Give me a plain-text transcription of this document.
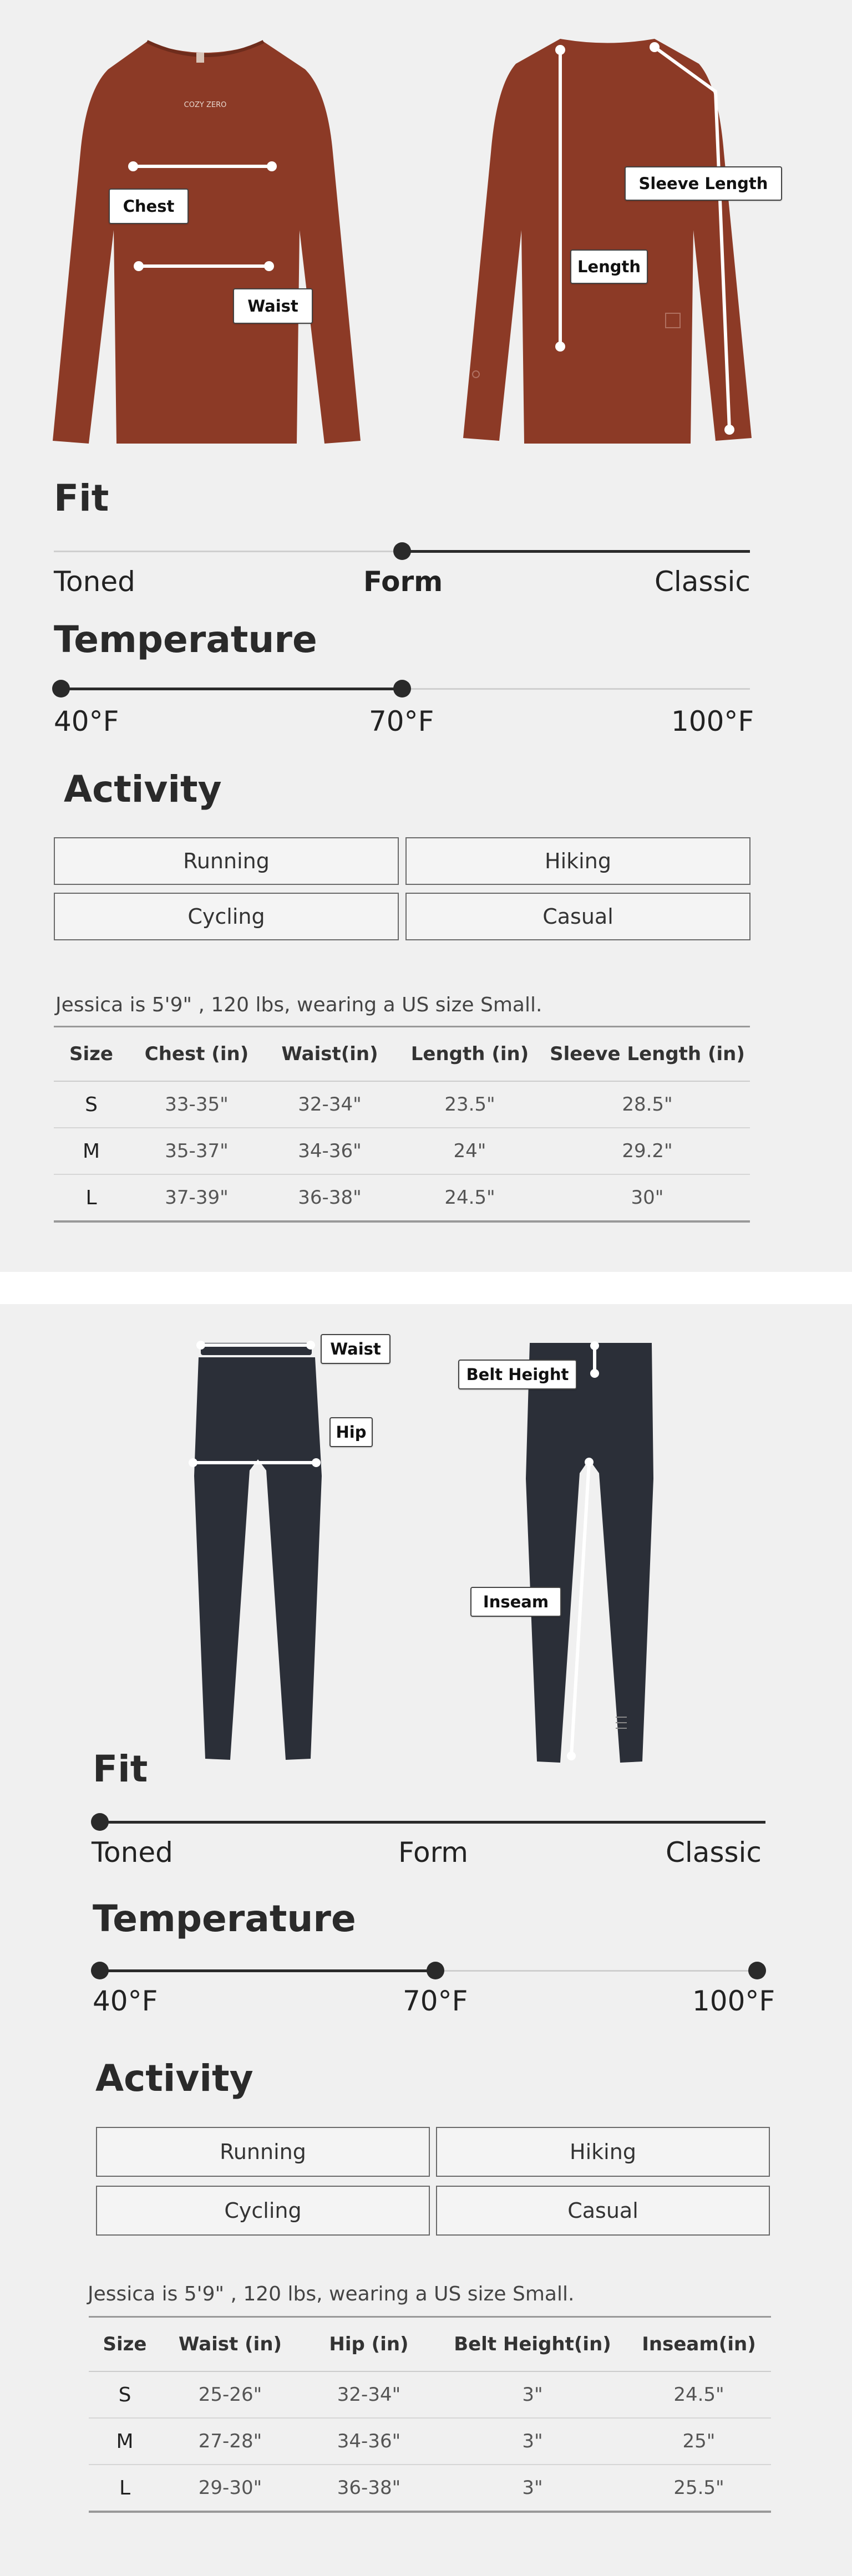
COZY ZERO
Chest
Waist
Sleeve Length
Length
Fit
Toned	Form	Classic
Temperature
40°F	70°F	100°F
Activity
Running	Hiking
Cycling	Casual
Jessica is 5'9" , 120 lbs, wearing a US size Small.
Size	Chest (in)	Waist(in)	Length (in)	Sleeve Length (in)
S	33-35"	32-34"	23.5"	28.5"
M	35-37"	34-36"	24"	29.2"
L	37-39"	36-38"	24.5"	30"
Waist
Hip
Belt Height
Inseam
Fit
Toned	Form	Classic
Temperature
40°F	70°F	100°F
Activity
Running	Hiking
Cycling	Casual
Jessica is 5'9" , 120 lbs, wearing a US size Small.
Size	Waist (in)	Hip (in)	Belt Height(in)	Inseam(in)
S	25-26"	32-34"	3"	24.5"
M	27-28"	34-36"	3"	25"
L	29-30"	36-38"	3"	25.5"
